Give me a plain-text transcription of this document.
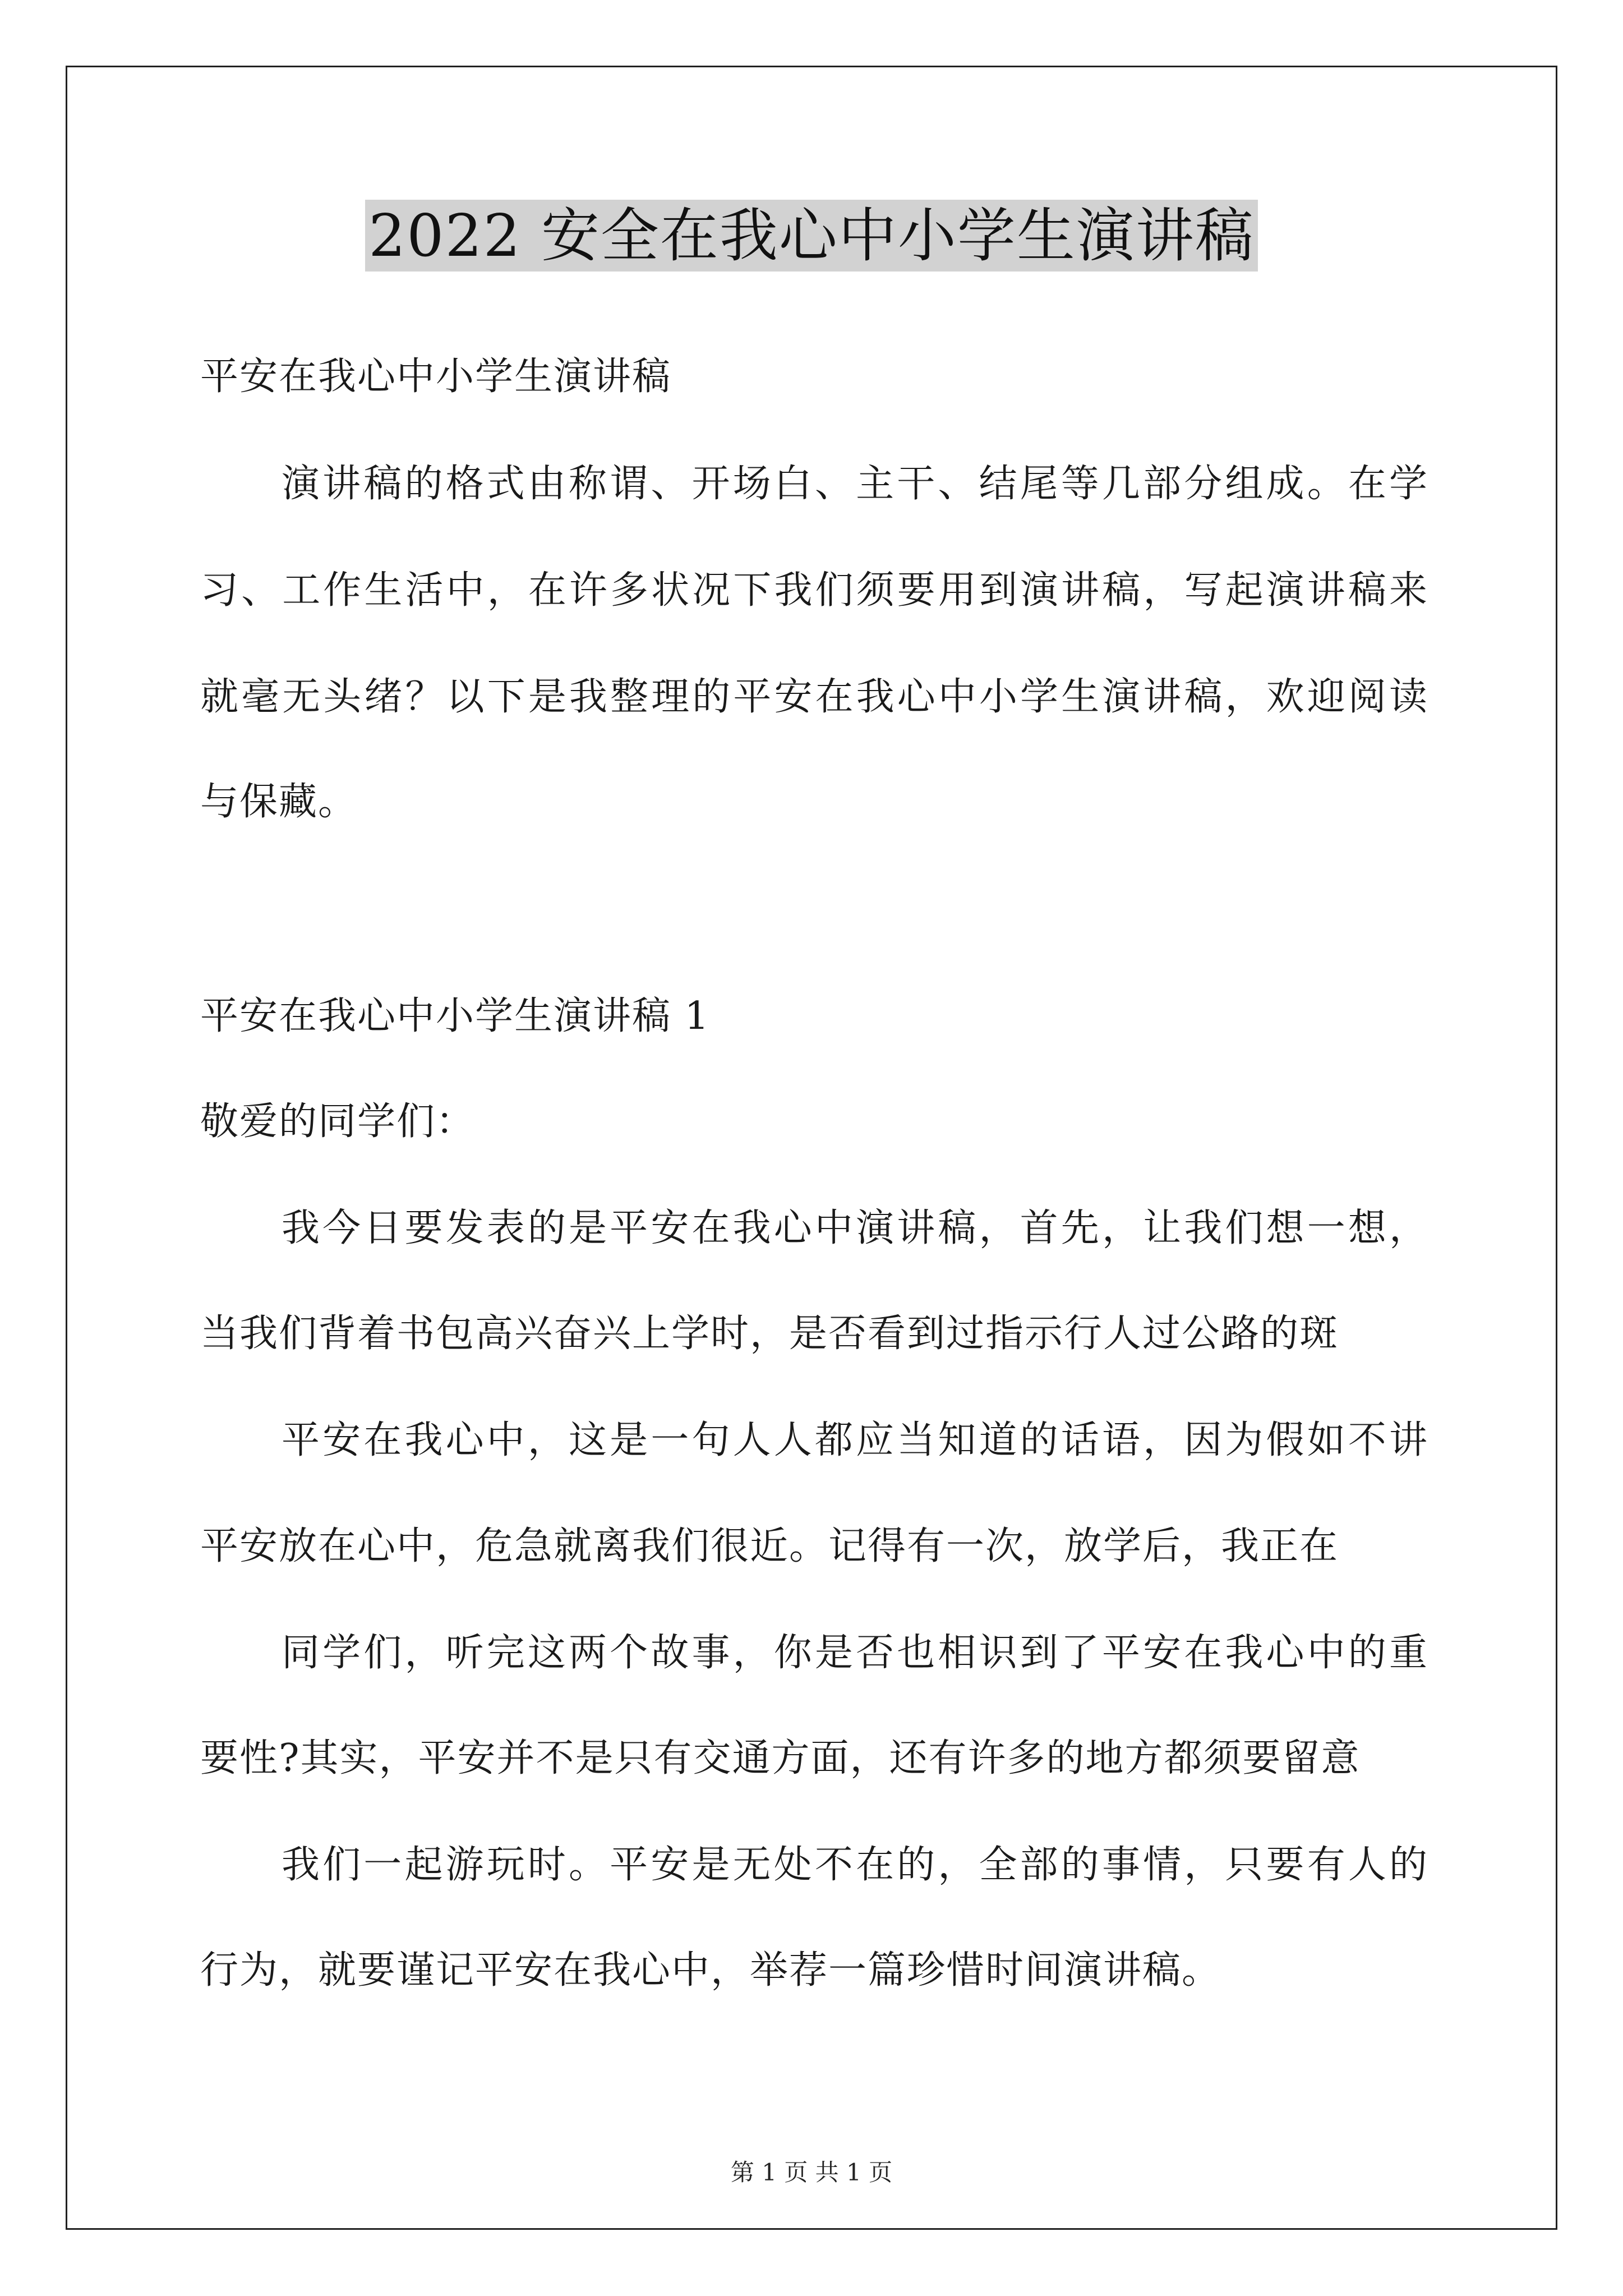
2022 安全在我心中小学生演讲稿
平安在我心中小学生演讲稿
演讲稿的格式由称谓、开场白、主干、结尾等几部分组成。在学
习、工作生活中，在许多状况下我们须要用到演讲稿，写起演讲稿来
就毫无头绪？以下是我整理的平安在我心中小学生演讲稿，欢迎阅读
与保藏。
平安在我心中小学生演讲稿 1
敬爱的同学们：
我今日要发表的是平安在我心中演讲稿，首先，让我们想一想，
当我们背着书包高兴奋兴上学时，是否看到过指示行人过公路的斑
平安在我心中，这是一句人人都应当知道的话语，因为假如不讲
平安放在心中，危急就离我们很近。记得有一次，放学后，我正在
同学们，听完这两个故事，你是否也相识到了平安在我心中的重
要性?其实，平安并不是只有交通方面，还有许多的地方都须要留意
我们一起游玩时。平安是无处不在的，全部的事情，只要有人的
行为，就要谨记平安在我心中，举荐一篇珍惜时间演讲稿。
第 1 页 共 1 页
